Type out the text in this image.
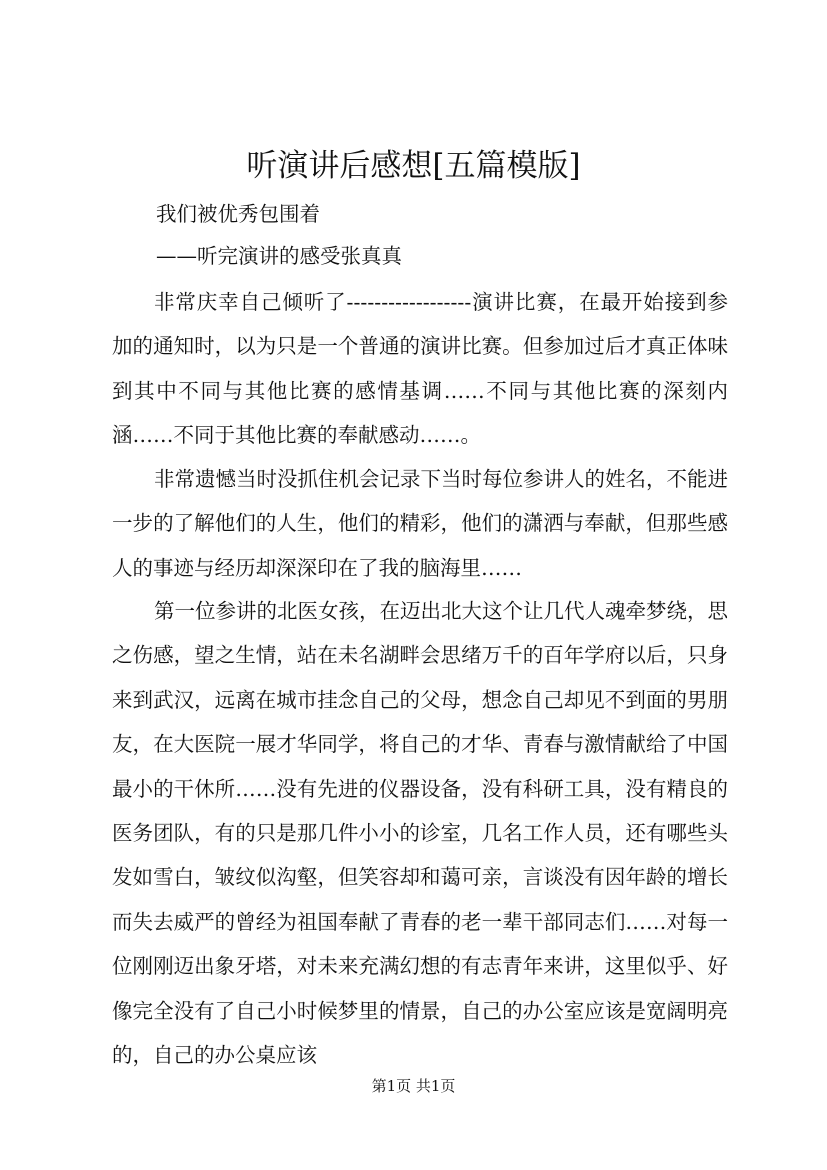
听演讲后感想[五篇模版]

我们被优秀包围着

——听完演讲的感受张真真

非常庆幸自己倾听了------------------演讲比赛，在最开始接到参加的通知时，以为只是一个普通的演讲比赛。但参加过后才真正体味到其中不同与其他比赛的感情基调……不同与其他比赛的深刻内涵……不同于其他比赛的奉献感动……。

非常遗憾当时没抓住机会记录下当时每位参讲人的姓名，不能进一步的了解他们的人生，他们的精彩，他们的潇洒与奉献，但那些感人的事迹与经历却深深印在了我的脑海里……

第一位参讲的北医女孩，在迈出北大这个让几代人魂牵梦绕，思之伤感，望之生情，站在未名湖畔会思绪万千的百年学府以后，只身来到武汉，远离在城市挂念自己的父母，想念自己却见不到面的男朋友，在大医院一展才华同学，将自己的才华、青春与激情献给了中国最小的干休所……没有先进的仪器设备，没有科研工具，没有精良的医务团队，有的只是那几件小小的诊室，几名工作人员，还有哪些头发如雪白，皱纹似沟壑，但笑容却和蔼可亲，言谈没有因年龄的增长而失去威严的曾经为祖国奉献了青春的老一辈干部同志们……对每一位刚刚迈出象牙塔，对未来充满幻想的有志青年来讲，这里似乎、好像完全没有了自己小时候梦里的情景，自己的办公室应该是宽阔明亮的，自己的办公桌应该

第1页 共1页
